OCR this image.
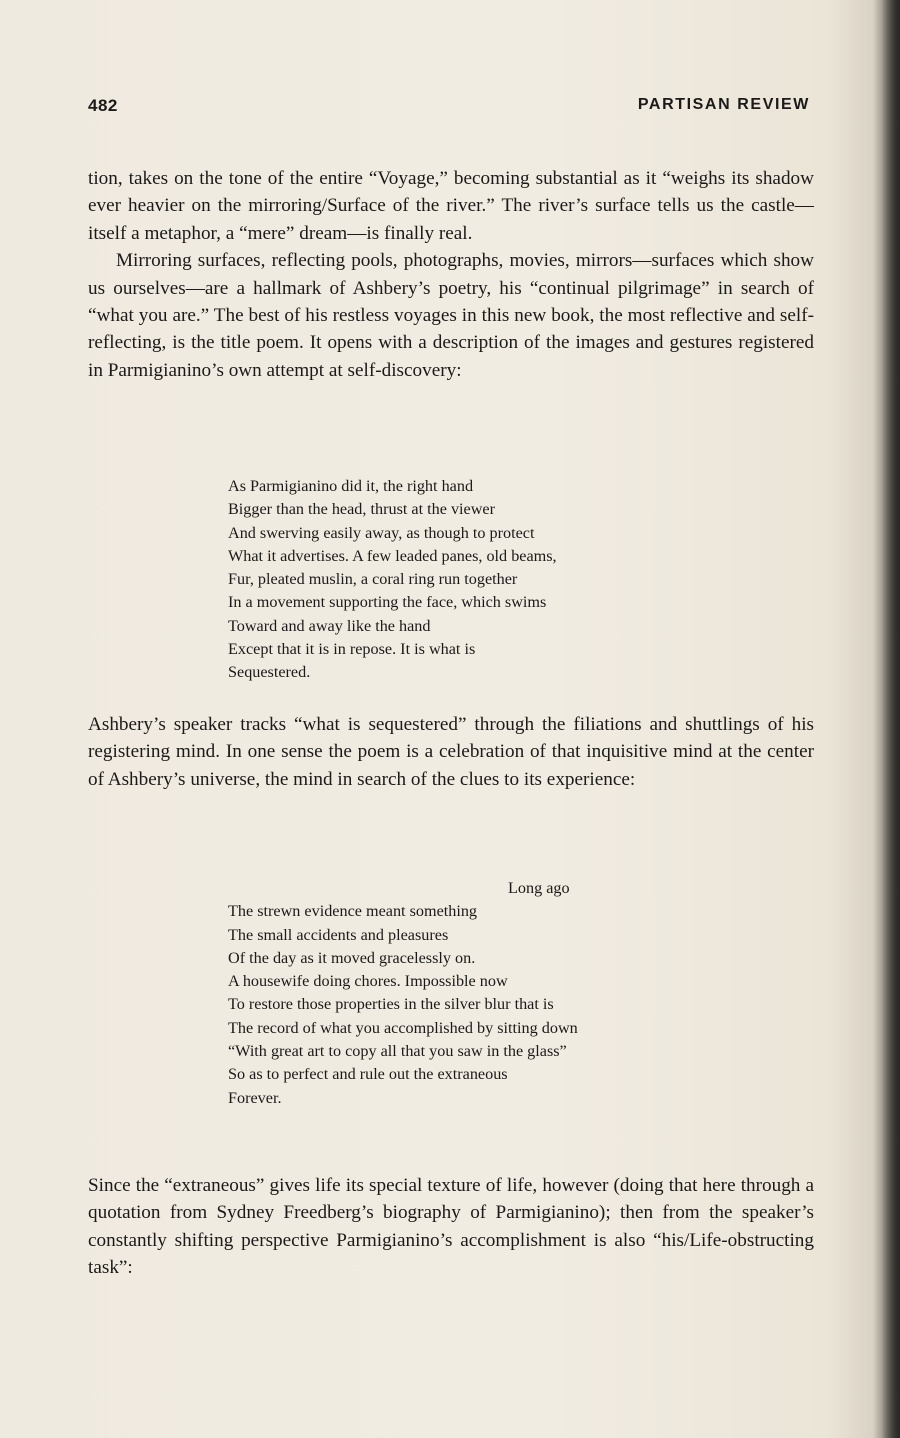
482	PARTISAN REVIEW

tion, takes on the tone of the entire “Voyage,” becoming substantial as it “weighs its shadow ever heavier on the mirroring/Surface of the river.” The river’s surface tells us the castle—itself a metaphor, a “mere” dream—is finally real.

Mirroring surfaces, reflecting pools, photographs, movies, mirrors—surfaces which show us ourselves—are a hallmark of Ashbery’s poetry, his “continual pilgrimage” in search of “what you are.” The best of his restless voyages in this new book, the most reflective and self-reflecting, is the title poem. It opens with a description of the images and gestures registered in Parmigianino’s own attempt at self-discovery:

As Parmigianino did it, the right hand
Bigger than the head, thrust at the viewer
And swerving easily away, as though to protect
What it advertises. A few leaded panes, old beams,
Fur, pleated muslin, a coral ring run together
In a movement supporting the face, which swims
Toward and away like the hand
Except that it is in repose. It is what is
Sequestered.

Ashbery’s speaker tracks “what is sequestered” through the filiations and shuttlings of his registering mind. In one sense the poem is a celebration of that inquisitive mind at the center of Ashbery’s universe, the mind in search of the clues to its experience:

Long ago
The strewn evidence meant something
The small accidents and pleasures
Of the day as it moved gracelessly on.
A housewife doing chores. Impossible now
To restore those properties in the silver blur that is
The record of what you accomplished by sitting down
“With great art to copy all that you saw in the glass”
So as to perfect and rule out the extraneous
Forever.

Since the “extraneous” gives life its special texture of life, however (doing that here through a quotation from Sydney Freedberg’s biography of Parmigianino); then from the speaker’s constantly shifting perspective Parmigianino’s accomplishment is also “his/Life-obstructing task”:
